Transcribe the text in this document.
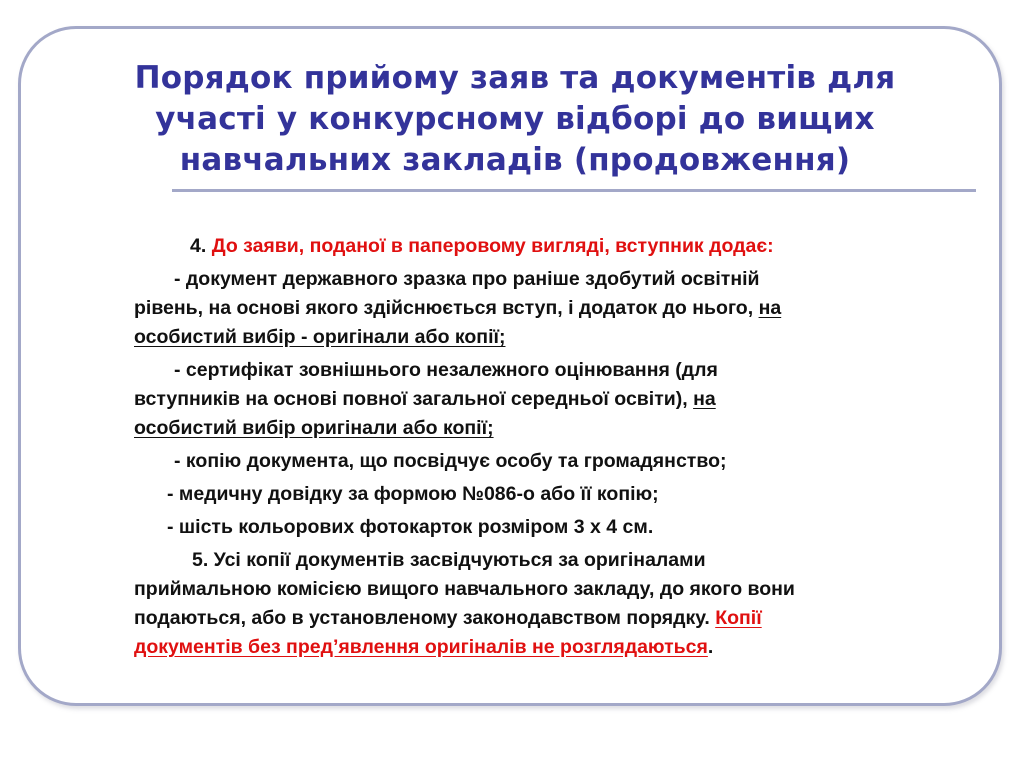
Порядок прийому заяв та документів для
участі у конкурсному відборі до вищих
навчальних закладів (продовження)

4. До заяви, поданої в паперовому вигляді, вступник додає:

- документ державного зразка про раніше здобутий освітній
рівень, на основі якого здійснюється вступ, і додаток до нього, на
особистий вибір - оригінали або копії;

- сертифікат зовнішнього незалежного оцінювання (для
вступників на основі повної загальної середньої освіти), на
особистий вибір оригінали або копії;

- копію документа, що посвідчує особу та громадянство;

- медичну довідку за формою №086-о або її копію;

- шість кольорових фотокарток розміром 3 х 4 см.

5. Усі копії документів засвідчуються за оригіналами
приймальною комісією вищого навчального закладу, до якого вони
подаються, або в установленому законодавством порядку. Копії
документів без пред’явлення оригіналів не розглядаються.
